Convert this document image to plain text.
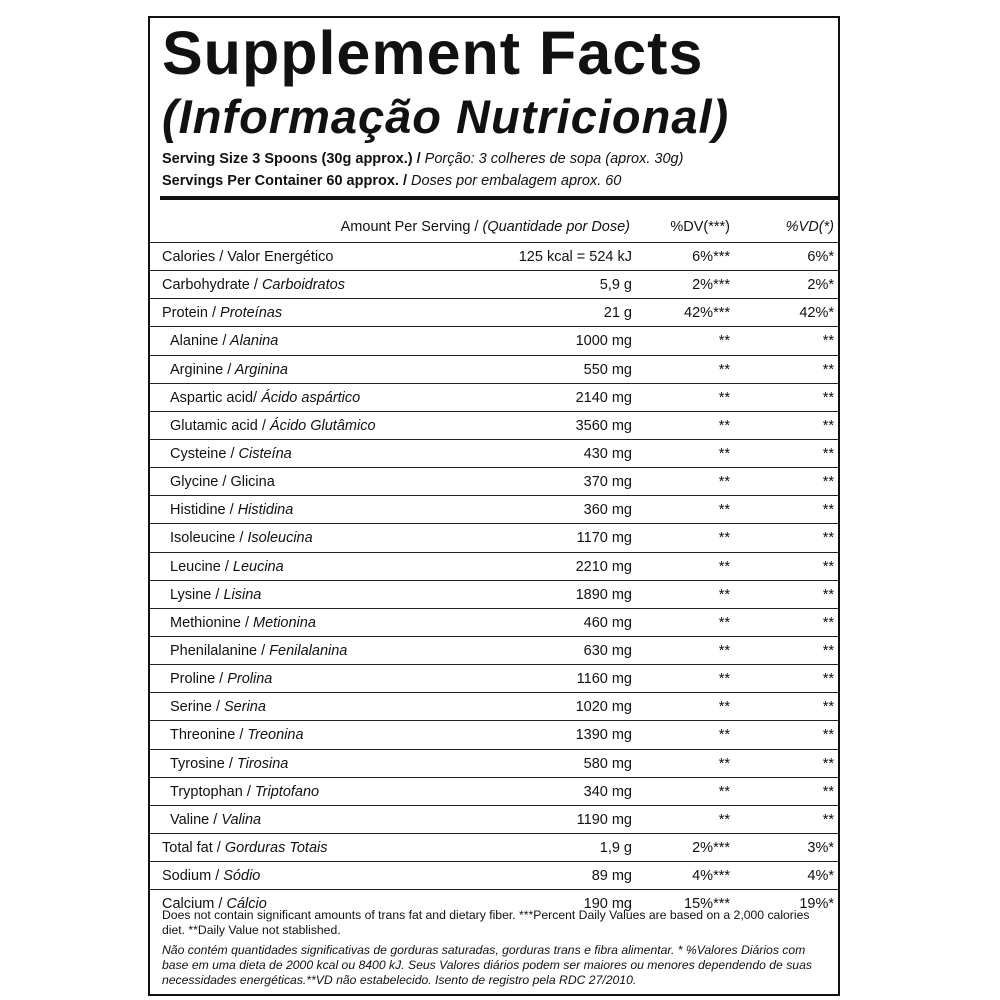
Supplement Facts
(Informação Nutricional)
Serving Size 3 Spoons (30g approx.) / Porção: 3 colheres de sopa (aprox. 30g)
Servings Per Container 60 approx. / Doses por embalagem aprox. 60
Amount Per Serving / (Quantidade por Dose)	%DV(***)	%VD(*)
Calories / Valor Energético	125 kcal = 524 kJ	6%***	6%*
Carbohydrate / Carboidratos	5,9 g	2%***	2%*
Protein / Proteínas	21 g	42%***	42%*
Alanine / Alanina	1000 mg	**	**
Arginine / Arginina	550 mg	**	**
Aspartic acid/ Ácido aspártico	2140 mg	**	**
Glutamic acid / Ácido Glutâmico	3560 mg	**	**
Cysteine / Cisteína	430 mg	**	**
Glycine / Glicina	370 mg	**	**
Histidine / Histidina	360 mg	**	**
Isoleucine / Isoleucina	1170 mg	**	**
Leucine / Leucina	2210 mg	**	**
Lysine / Lisina	1890 mg	**	**
Methionine / Metionina	460 mg	**	**
Phenilalanine / Fenilalanina	630 mg	**	**
Proline / Prolina	1160 mg	**	**
Serine / Serina	1020 mg	**	**
Threonine / Treonina	1390 mg	**	**
Tyrosine / Tirosina	580 mg	**	**
Tryptophan / Triptofano	340 mg	**	**
Valine / Valina	1190 mg	**	**
Total fat / Gorduras Totais	1,9 g	2%***	3%*
Sodium / Sódio	89 mg	4%***	4%*
Calcium / Cálcio	190 mg	15%***	19%*
Does not contain significant amounts of trans fat and dietary fiber. ***Percent Daily Values are based on a 2,000 calories diet. **Daily Value not stablished.
Não contém quantidades significativas de gorduras saturadas, gorduras trans e fibra alimentar. * %Valores Diários com base em uma dieta de 2000 kcal ou 8400 kJ. Seus Valores diários podem ser maiores ou menores dependendo de suas necessidades energéticas.**VD não estabelecido. Isento de registro pela RDC 27/2010.
